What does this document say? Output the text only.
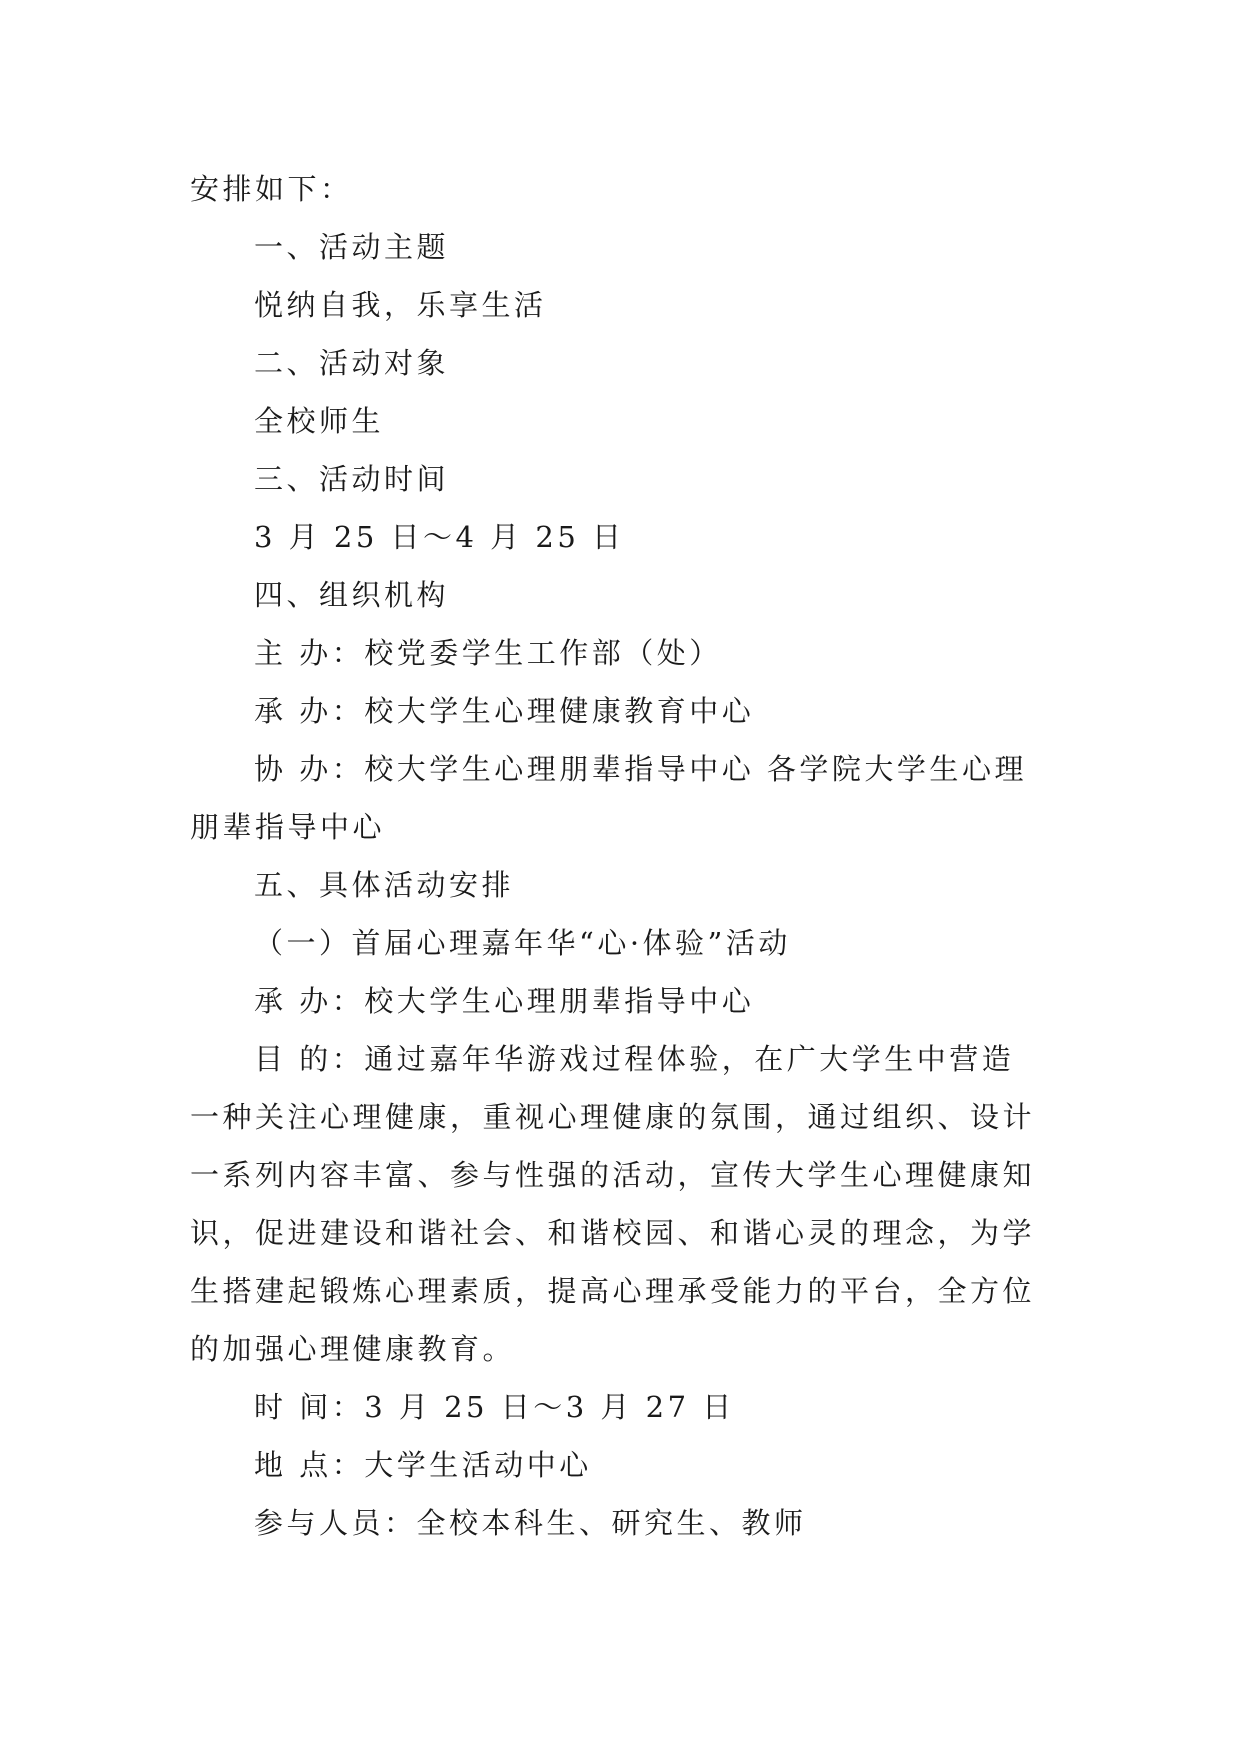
安排如下：
一、活动主题
悦纳自我，乐享生活
二、活动对象
全校师生
三、活动时间
3 月 25 日～4 月 25 日
四、组织机构
主 办：校党委学生工作部（处）
承 办：校大学生心理健康教育中心
协 办：校大学生心理朋辈指导中心 各学院大学生心理
朋辈指导中心
五、具体活动安排
（一）首届心理嘉年华“心·体验”活动
承 办：校大学生心理朋辈指导中心
目 的：通过嘉年华游戏过程体验，在广大学生中营造
一种关注心理健康，重视心理健康的氛围，通过组织、设计
一系列内容丰富、参与性强的活动，宣传大学生心理健康知
识，促进建设和谐社会、和谐校园、和谐心灵的理念，为学
生搭建起锻炼心理素质，提高心理承受能力的平台，全方位
的加强心理健康教育。
时 间：3 月 25 日～3 月 27 日
地 点：大学生活动中心
参与人员：全校本科生、研究生、教师
